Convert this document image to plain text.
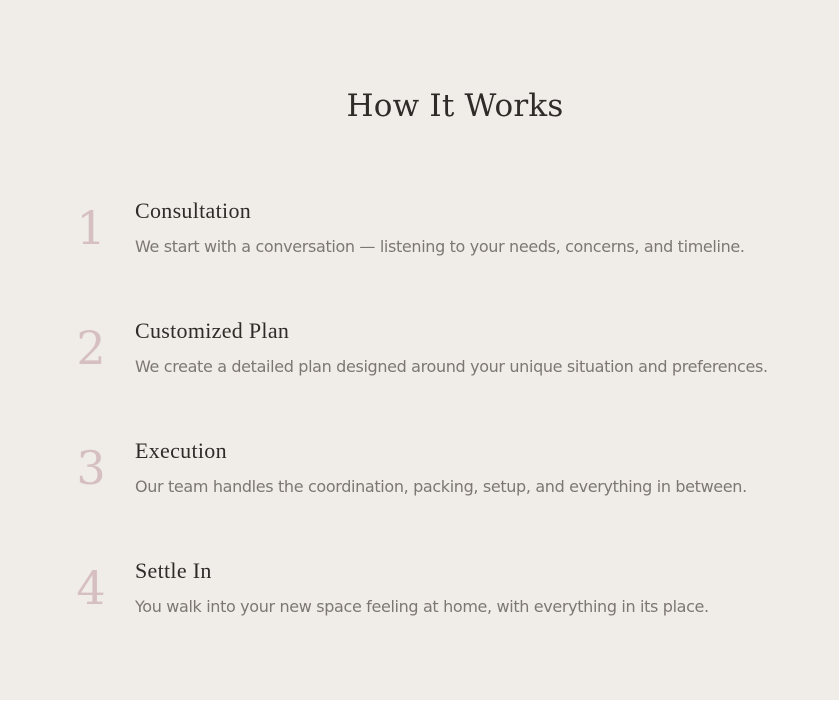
How It Works
1	Consultation

We start with a conversation — listening to your needs, concerns, and timeline.

2	Customized Plan

We create a detailed plan designed around your unique situation and preferences.

3	Execution

Our team handles the coordination, packing, setup, and everything in between.

4	Settle In

You walk into your new space feeling at home, with everything in its place.
